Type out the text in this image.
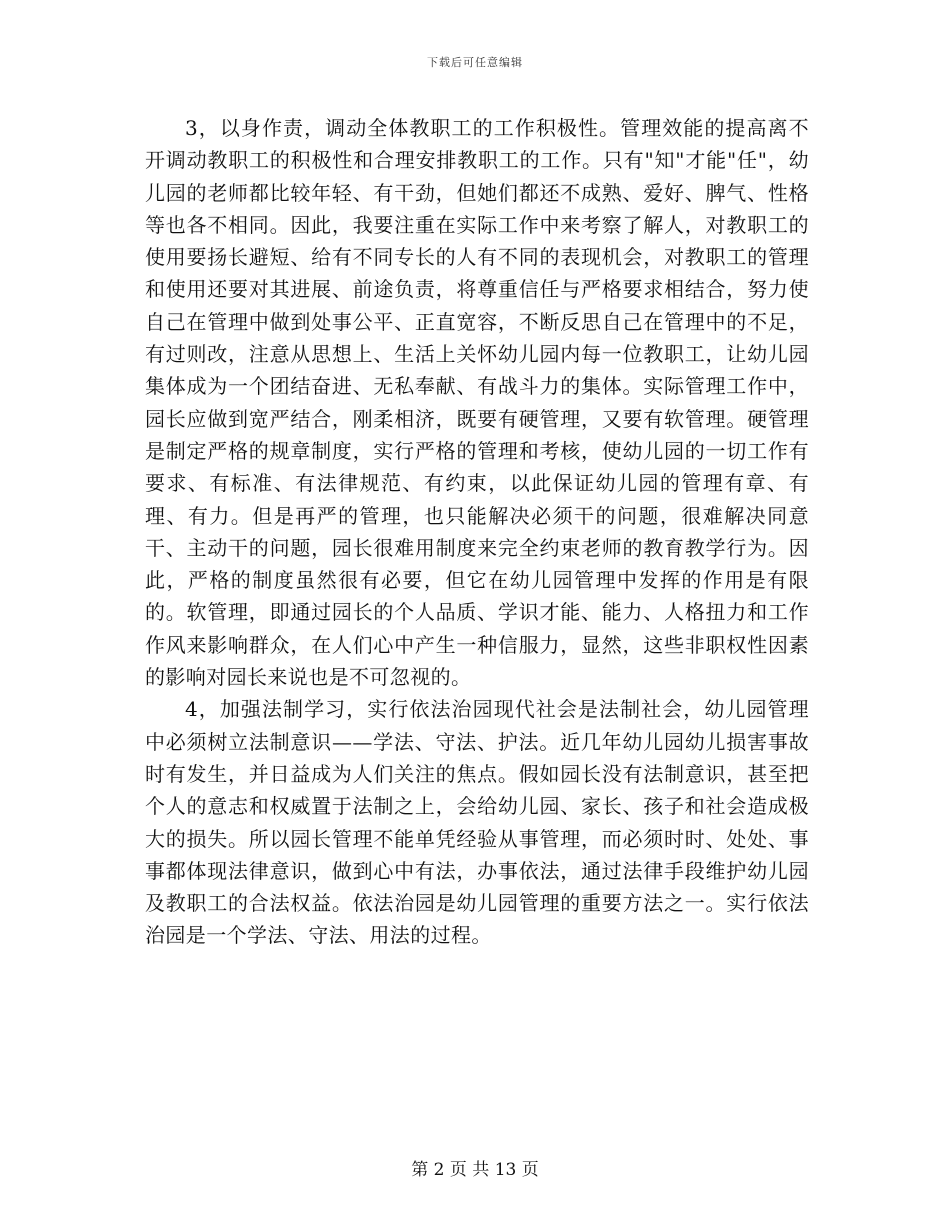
下载后可任意编辑

3，以身作责，调动全体教职工的工作积极性。管理效能的提高离不开调动教职工的积极性和合理安排教职工的工作。只有"知"才能"任"，幼儿园的老师都比较年轻、有干劲，但她们都还不成熟、爱好、脾气、性格等也各不相同。因此，我要注重在实际工作中来考察了解人，对教职工的使用要扬长避短、给有不同专长的人有不同的表现机会，对教职工的管理和使用还要对其进展、前途负责，将尊重信任与严格要求相结合，努力使自己在管理中做到处事公平、正直宽容，不断反思自己在管理中的不足，有过则改，注意从思想上、生活上关怀幼儿园内每一位教职工，让幼儿园集体成为一个团结奋进、无私奉献、有战斗力的集体。实际管理工作中，园长应做到宽严结合，刚柔相济，既要有硬管理，又要有软管理。硬管理是制定严格的规章制度，实行严格的管理和考核，使幼儿园的一切工作有要求、有标准、有法律规范、有约束，以此保证幼儿园的管理有章、有理、有力。但是再严的管理，也只能解决必须干的问题，很难解决同意干、主动干的问题，园长很难用制度来完全约束老师的教育教学行为。因此，严格的制度虽然很有必要，但它在幼儿园管理中发挥的作用是有限的。软管理，即通过园长的个人品质、学识才能、能力、人格扭力和工作作风来影响群众，在人们心中产生一种信服力，显然，这些非职权性因素的影响对园长来说也是不可忽视的。

4，加强法制学习，实行依法治园现代社会是法制社会，幼儿园管理中必须树立法制意识——学法、守法、护法。近几年幼儿园幼儿损害事故时有发生，并日益成为人们关注的焦点。假如园长没有法制意识，甚至把个人的意志和权威置于法制之上，会给幼儿园、家长、孩子和社会造成极大的损失。所以园长管理不能单凭经验从事管理，而必须时时、处处、事事都体现法律意识，做到心中有法，办事依法，通过法律手段维护幼儿园及教职工的合法权益。依法治园是幼儿园管理的重要方法之一。实行依法治园是一个学法、守法、用法的过程。

第 2 页 共 13 页
